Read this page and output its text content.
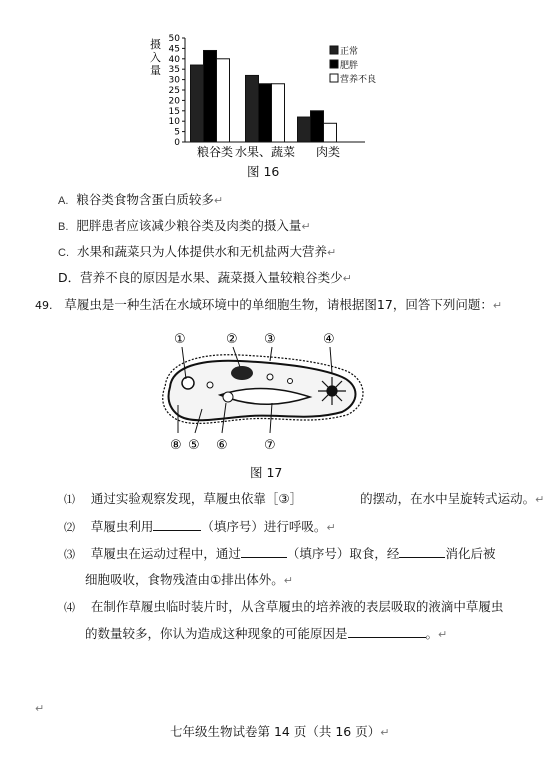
摄入量
0
5
10
15
20
25
30
35
40
45
50
正常
肥胖
营养不良
粮谷类 水果、蔬菜 肉类
图 16
A. 粮谷类食物含蛋白质较多↵
B. 肥胖患者应该减少粮谷类及肉类的摄入量↵
C. 水果和蔬菜只为人体提供水和无机盐两大营养↵
D．营养不良的原因是水果、蔬菜摄入量较粮谷类少↵
49. 草履虫是一种生活在水域环境中的单细胞生物，请根据图17，回答下列问题：↵
①	② ③	④
⑧ ⑤ ⑥	⑦
图 17
⑴ 通过实验观察发现，草履虫依靠［③］	的摆动，在水中呈旋转式运动。↵
⑵ 草履虫利用	（填序号）进行呼吸。↵
⑶ 草履虫在运动过程中，通过	（填序号）取食，经	消化后被
细胞吸收，食物残渣由①排出体外。↵
⑷ 在制作草履虫临时装片时，从含草履虫的培养液的表层吸取的液滴中草履虫
的数量较多，你认为造成这种现象的可能原因是	。↵
↵
七年级生物试卷第 14 页（共 16 页）↵
